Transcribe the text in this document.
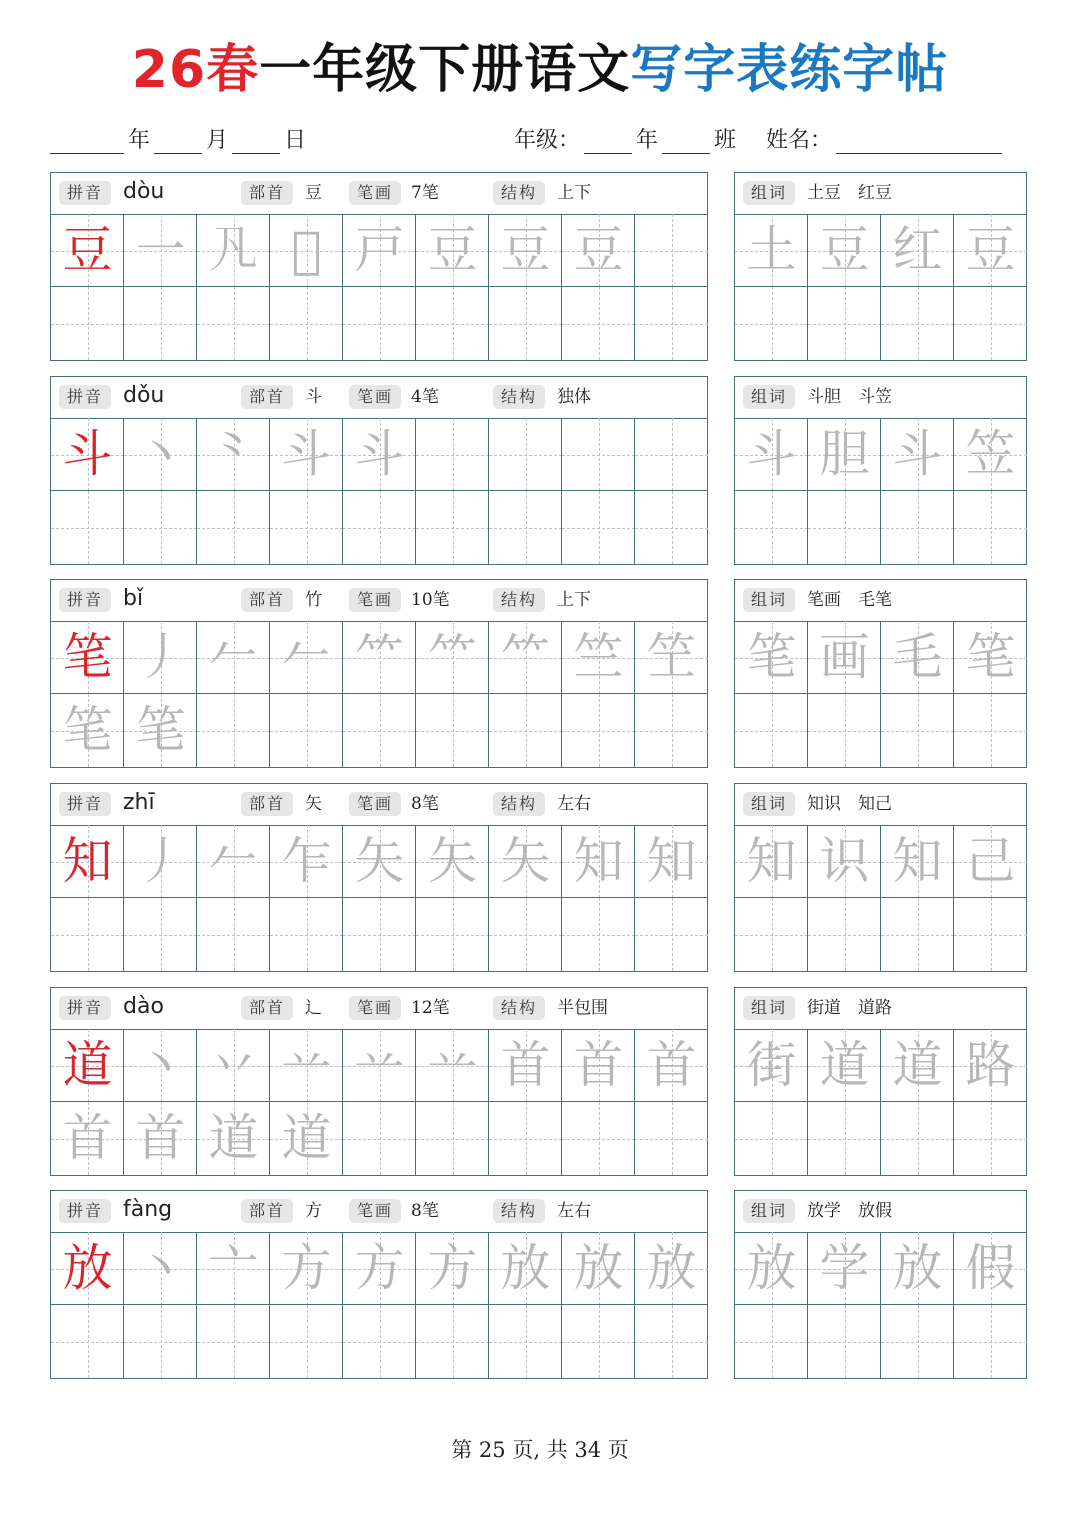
26春一年级下册语文写字表练字帖
年	月	日	年级：	年	班 姓名：
拼音 dòu	部首	豆	笔画	7笔	结构	上下
豆 一 𠁽 𠃧 戸 豆 豆 豆
组词	土豆　红豆
土 豆 红 豆
拼音 dǒu	部首	斗	笔画	4笔	结构	独体
斗 丶 ⺀ 斗 斗
组词	斗胆　斗笠
斗 胆 斗 笠
拼音 bǐ	部首	竹	笔画	10笔	结构	上下
笔 丿 𠂉 𠂉 ⺮ ⺮ ⺮ 竺 笁
笔 笔
组词	笔画　毛笔
笔 画 毛 笔
拼音 zhī	部首	矢	笔画	8笔	结构	左右
知 丿 𠂉 乍 矢 矢 矢 知 知
组词	知识　知己
知 识 知 己
拼音 dào	部首	辶	笔画	12笔	结构	半包围
道 丶 丷 䒑 䒑 䒑 首 首 首
首 首 道 道
组词	街道　道路
街 道 道 路
拼音 fàng	部首	方	笔画	8笔	结构	左右
放 丶 亠 方 方 方 放 放 放
组词	放学　放假
放 学 放 假
第 25 页, 共 34 页
